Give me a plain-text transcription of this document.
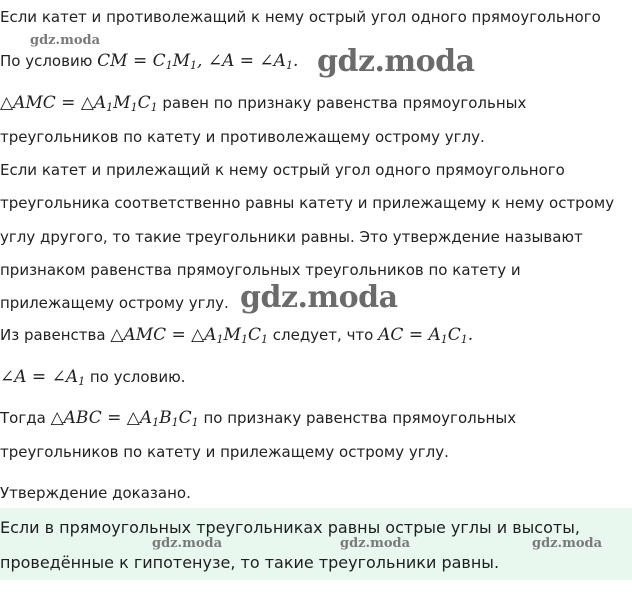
Если катет и противолежащий к нему острый угол одного прямоугольного
gdz.moda
По условию CM = $C_1M_1$, ∠A = $\angle A_1$. gdz.moda
△AMC = $\triangle A_1M_1C_1$ равен по признаку равенства прямоугольных
треугольников по катету и противолежащему острому углу.
Если катет и прилежащий к нему острый угол одного прямоугольного
треугольника соответственно равны катету и прилежащему к нему острому
углу другого, то такие треугольники равны. Это утверждение называют
признаком равенства прямоугольных треугольников по катету и
прилежащему острому углу. gdz.moda
Из равенства △AMC = $\triangle A_1M_1C_1$ следует, что AC = $A_1C_1$.
∠A = $\angle A_1$ по условию.
Тогда △ABC = $\triangle A_1B_1C_1$ по признаку равенства прямоугольных
треугольников по катету и прилежащему острому углу.
Утверждение доказано.
Если в прямоугольных треугольниках равны острые углы и высоты,
gdz.moda	gdz.moda	gdz.moda
проведённые к гипотенузе, то такие треугольники равны.
